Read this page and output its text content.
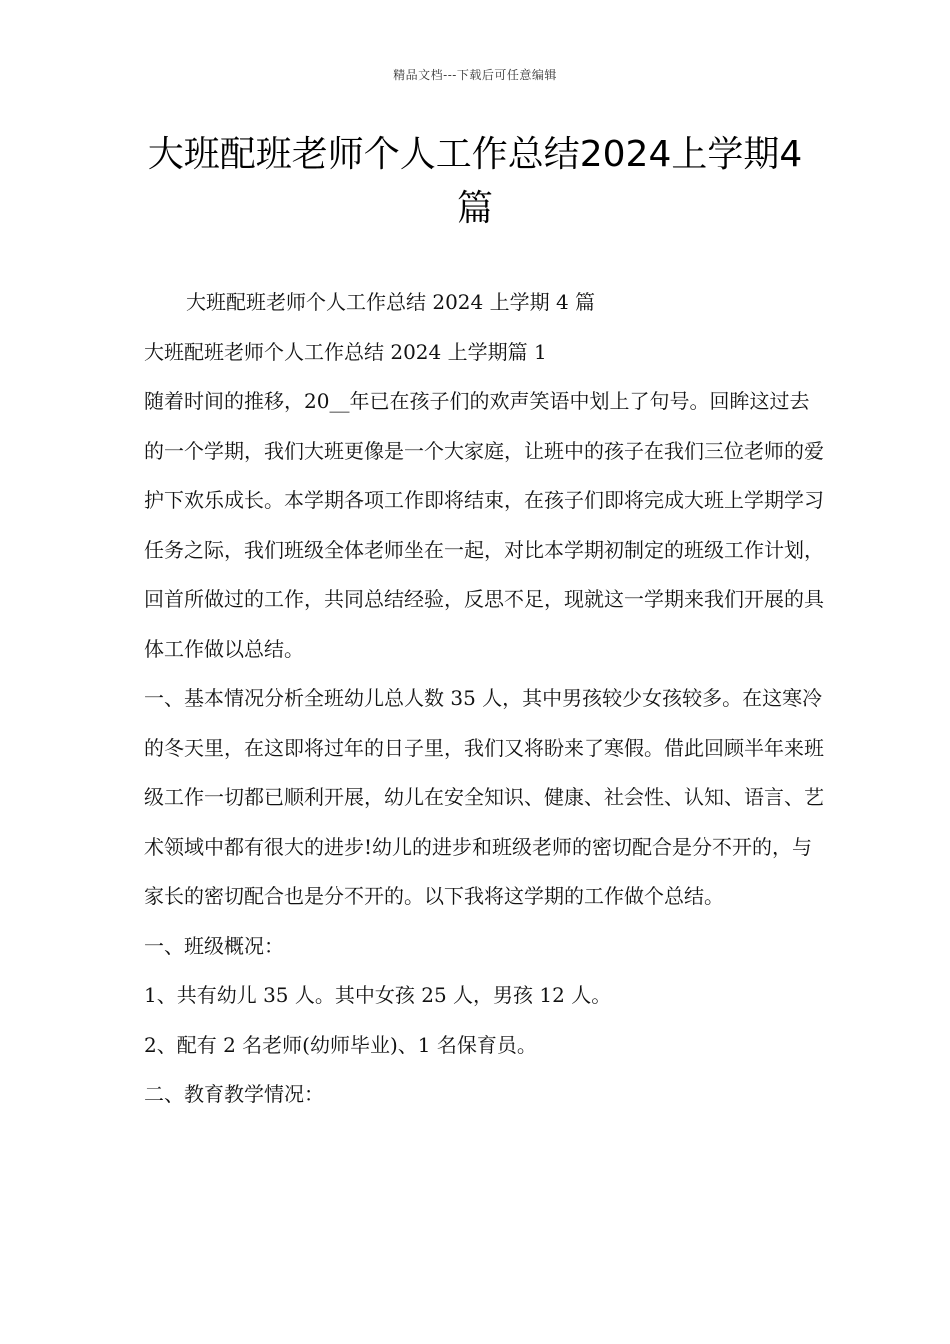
精品文档---下载后可任意编辑
大班配班老师个人工作总结2024上学期4篇

大班配班老师个人工作总结 2024 上学期 4 篇

大班配班老师个人工作总结 2024 上学期篇 1

随着时间的推移，20__年已在孩子们的欢声笑语中划上了句号。回眸这过去的一个学期，我们大班更像是一个大家庭，让班中的孩子在我们三位老师的爱护下欢乐成长。本学期各项工作即将结束，在孩子们即将完成大班上学期学习任务之际，我们班级全体老师坐在一起，对比本学期初制定的班级工作计划，回首所做过的工作，共同总结经验，反思不足，现就这一学期来我们开展的具体工作做以总结。

一、基本情况分析全班幼儿总人数 35 人，其中男孩较少女孩较多。在这寒冷的冬天里，在这即将过年的日子里，我们又将盼来了寒假。借此回顾半年来班级工作一切都已顺利开展，幼儿在安全知识、健康、社会性、认知、语言、艺术领域中都有很大的进步!幼儿的进步和班级老师的密切配合是分不开的，与家长的密切配合也是分不开的。以下我将这学期的工作做个总结。

一、班级概况：

1、共有幼儿 35 人。其中女孩 25 人，男孩 12 人。

2、配有 2 名老师(幼师毕业)、1 名保育员。

二、教育教学情况：
